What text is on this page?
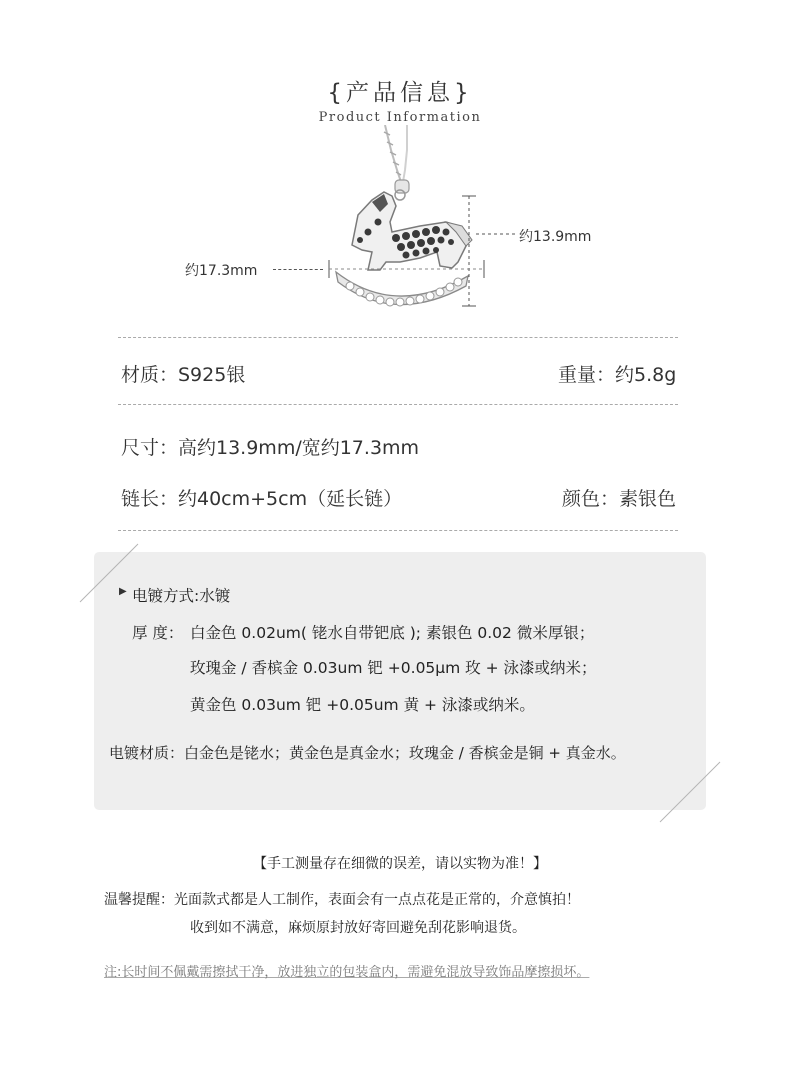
{产品信息}
Product Information
约13.9mm
约17.3mm
材质：S925银	重量：约5.8g
尺寸：高约13.9mm/宽约17.3mm
链长：约40cm+5cm（延长链）	颜色：素银色
▶ 电镀方式:水镀
厚 度： 白金色 0.02um( 铑水自带钯底 ); 素银色 0.02 微米厚银；
玫瑰金 / 香槟金 0.03um 钯 +0.05μm 玫 + 泳漆或纳米；
黄金色 0.03um 钯 +0.05um 黄 + 泳漆或纳米。
电镀材质：白金色是铑水；黄金色是真金水；玫瑰金 / 香槟金是铜 + 真金水。
【手工测量存在细微的误差，请以实物为准！】
温馨提醒：光面款式都是人工制作，表面会有一点点花是正常的，介意慎拍！
收到如不满意，麻烦原封放好寄回避免刮花影响退货。
注:长时间不佩戴需擦拭干净，放进独立的包装盒内，需避免混放导致饰品摩擦损坏。
